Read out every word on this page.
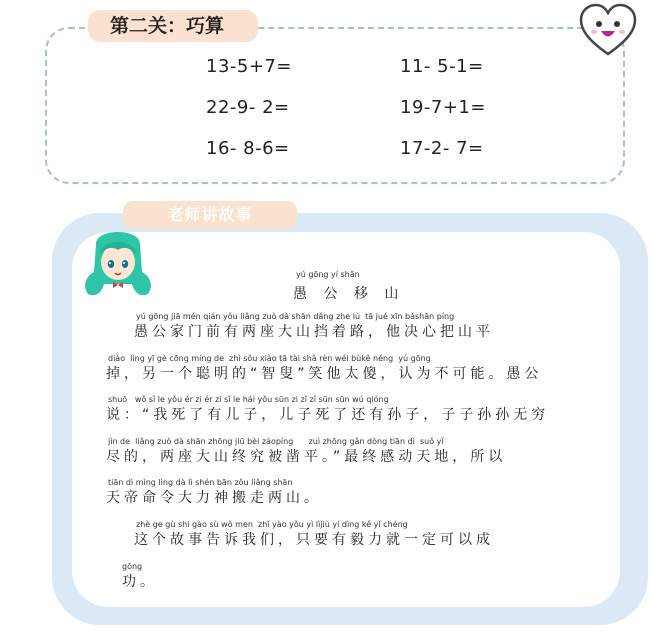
第二关：巧算
13-5+7=	11- 5-1=
22-9- 2=	19-7+1=
16- 8-6=	17-2- 7=
老师讲故事
yú gōng yí shān
愚 公 移 山
yú gōng jiā mén qián yǒu liǎng zuò dà shān dǎng zhe lù  tā jué xīn bǎshān píng
愚公家门前有两座大山挡着路，他决心把山平
diào  lìng yī gè cōng míng de  zhì sǒu xiào tā tài shǎ rèn wéi bùkě néng  yú gōng
掉，另一个聪明的“智叟”笑他太傻，认为不可能。愚公
shuō   wǒ sǐ le yǒu ér zi ér zi sǐ le hái yǒu sūn zi zǐ zǐ sūn sūn wú qióng
说：“我死了有儿子，儿子死了还有孙子，子子孙孙无穷
jìn de  liǎng zuò dà shān zhōng jiū bèi záopíng      zuì zhōng gǎn dòng tiān dì  suǒ yǐ
尽的，两座大山终究被凿平。”最终感动天地，所以
tiān dì mìng lìng dà lì shén bān zǒu liǎng shān
天帝命令大力神搬走两山。
zhè ge gù shi gào sù wǒ men  zhǐ yào yǒu yì lìjiù yí dìng kě yǐ chéng
这个故事告诉我们，只要有毅力就一定可以成
gōng
功。
